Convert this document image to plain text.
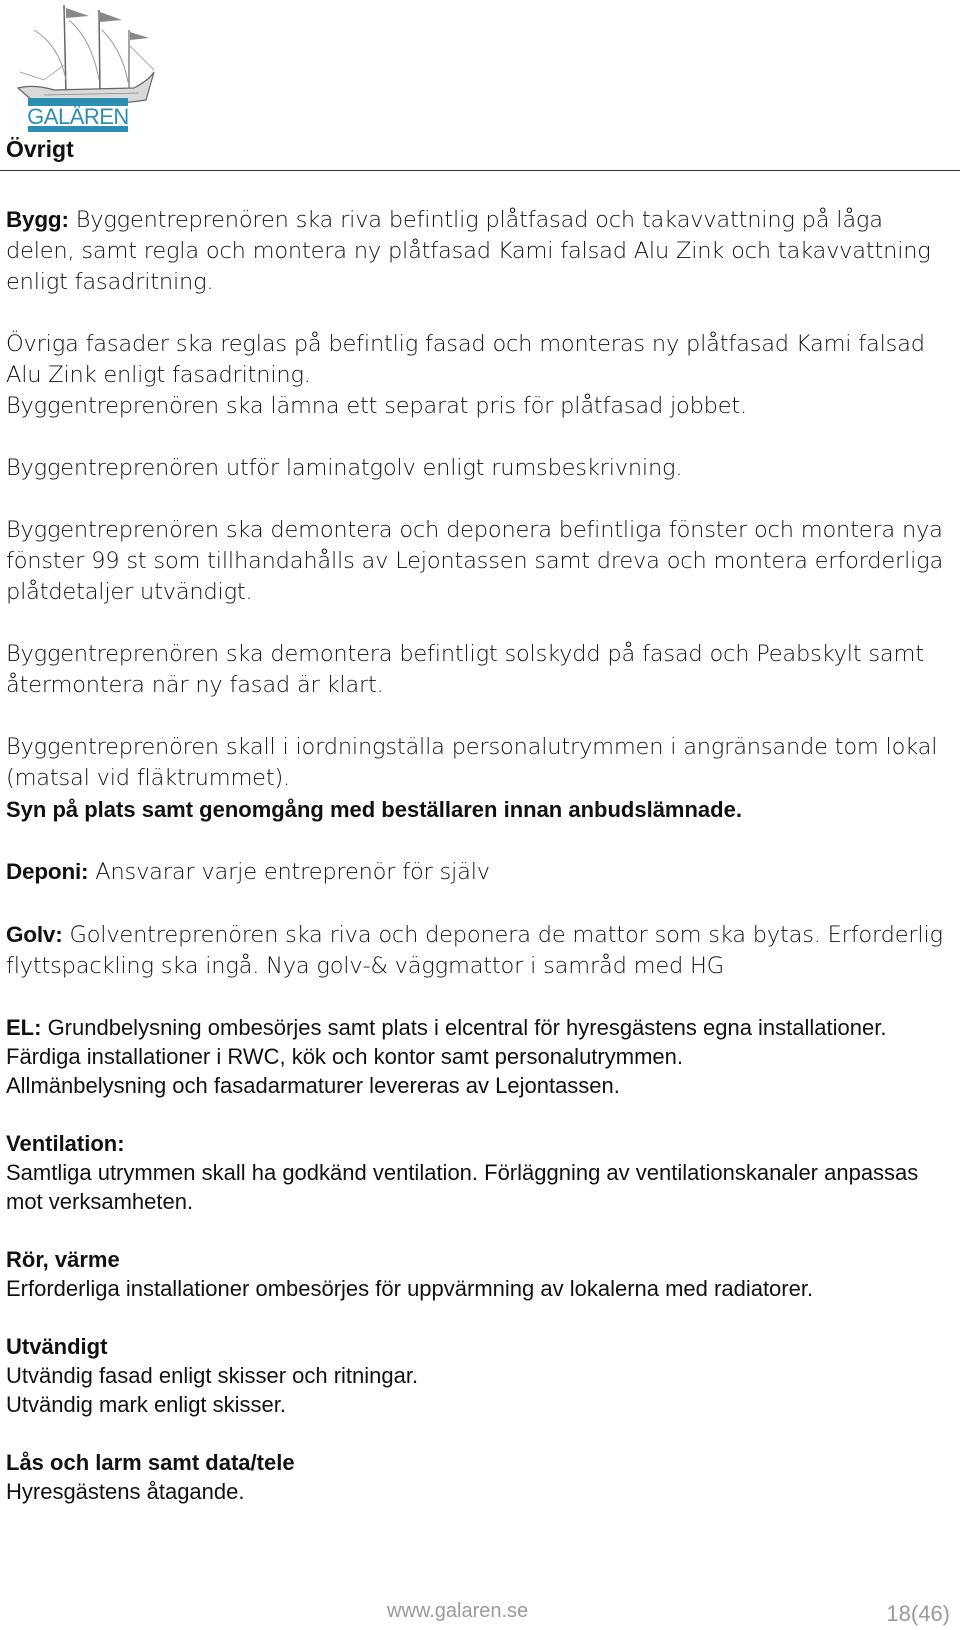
GALÄREN
Övrigt

Bygg: Byggentreprenören ska riva befintlig plåtfasad och takavvattning på låga delen, samt regla och montera ny plåtfasad Kami falsad Alu Zink och takavvattning enligt fasadritning.

Övriga fasader ska reglas på befintlig fasad och monteras ny plåtfasad Kami falsad Alu Zink enligt fasadritning.

Byggentreprenören ska lämna ett separat pris för plåtfasad jobbet.

Byggentreprenören utför laminatgolv enligt rumsbeskrivning.

Byggentreprenören ska demontera och deponera befintliga fönster och montera nya fönster 99 st som tillhandahålls av Lejontassen samt dreva och montera erforderliga plåtdetaljer utvändigt.

Byggentreprenören ska demontera befintligt solskydd på fasad och Peabskylt samt återmontera när ny fasad är klart.

Byggentreprenören skall i iordningställa personalutrymmen i angränsande tom lokal (matsal vid fläktrummet).

Syn på plats samt genomgång med beställaren innan anbudslämnade.

Deponi: Ansvarar varje entreprenör för själv

Golv: Golventreprenören ska riva och deponera de mattor som ska bytas. Erforderlig flyttspackling ska ingå. Nya golv-& väggmattor i samråd med HG

EL: Grundbelysning ombesörjes samt plats i elcentral för hyresgästens egna installationer.

Färdiga installationer i RWC, kök och kontor samt personalutrymmen.

Allmänbelysning och fasadarmaturer levereras av Lejontassen.

Ventilation:

Samtliga utrymmen skall ha godkänd ventilation. Förläggning av ventilationskanaler anpassas mot verksamheten.

Rör, värme

Erforderliga installationer ombesörjes för uppvärmning av lokalerna med radiatorer.

Utvändigt

Utvändig fasad enligt skisser och ritningar.

Utvändig mark enligt skisser.

Lås och larm samt data/tele

Hyresgästens åtagande.

www.galaren.se	18(46)
